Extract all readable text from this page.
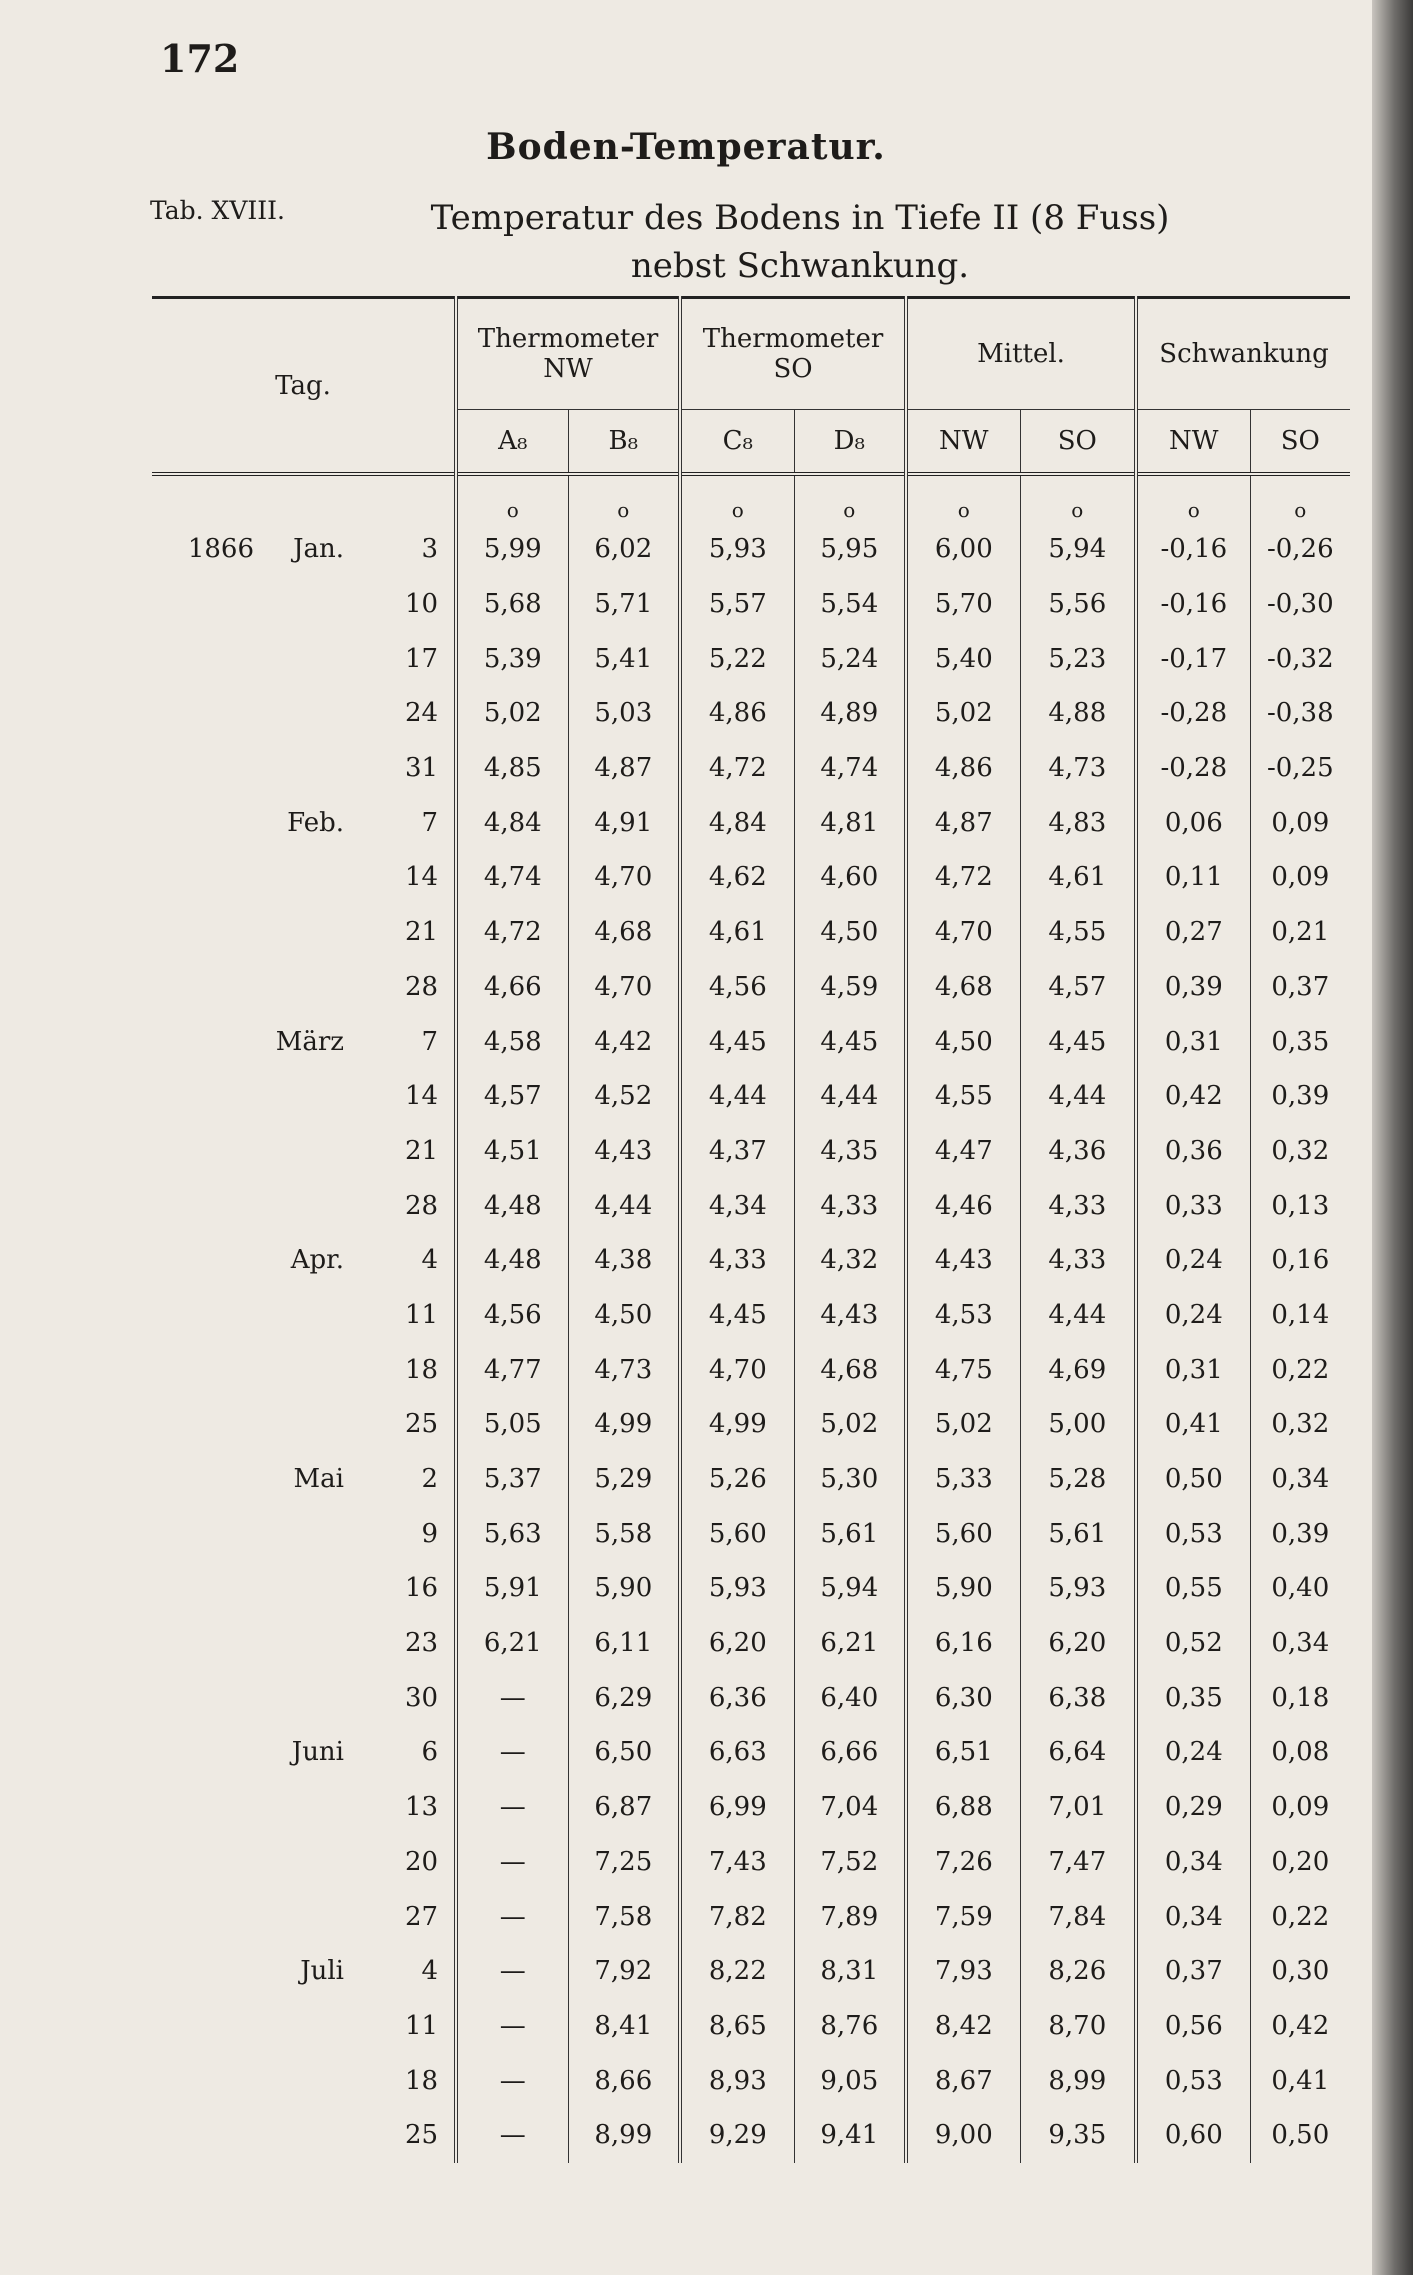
172
Boden-Temperatur.
Tab. XVIII.	Temperatur des Bodens in Tiefe II (8 Fuss)
nebst Schwankung.
Tag.			Thermometer NW		Thermometer SO		Mittel.		Schwankung	
			A₈	B₈	C₈	D₈	NW	SO	NW	SO
			o	o	o	o	o	o	o	o
1866	Jan.	3	5,99	6,02	5,93	5,95	6,00	5,94	-0,16	-0,26
		10	5,68	5,71	5,57	5,54	5,70	5,56	-0,16	-0,30
		17	5,39	5,41	5,22	5,24	5,40	5,23	-0,17	-0,32
		24	5,02	5,03	4,86	4,89	5,02	4,88	-0,28	-0,38
		31	4,85	4,87	4,72	4,74	4,86	4,73	-0,28	-0,25
	Feb.	7	4,84	4,91	4,84	4,81	4,87	4,83	0,06	0,09
		14	4,74	4,70	4,62	4,60	4,72	4,61	0,11	0,09
		21	4,72	4,68	4,61	4,50	4,70	4,55	0,27	0,21
		28	4,66	4,70	4,56	4,59	4,68	4,57	0,39	0,37
	März	7	4,58	4,42	4,45	4,45	4,50	4,45	0,31	0,35
		14	4,57	4,52	4,44	4,44	4,55	4,44	0,42	0,39
		21	4,51	4,43	4,37	4,35	4,47	4,36	0,36	0,32
		28	4,48	4,44	4,34	4,33	4,46	4,33	0,33	0,13
	Apr.	4	4,48	4,38	4,33	4,32	4,43	4,33	0,24	0,16
		11	4,56	4,50	4,45	4,43	4,53	4,44	0,24	0,14
		18	4,77	4,73	4,70	4,68	4,75	4,69	0,31	0,22
		25	5,05	4,99	4,99	5,02	5,02	5,00	0,41	0,32
	Mai	2	5,37	5,29	5,26	5,30	5,33	5,28	0,50	0,34
		9	5,63	5,58	5,60	5,61	5,60	5,61	0,53	0,39
		16	5,91	5,90	5,93	5,94	5,90	5,93	0,55	0,40
		23	6,21	6,11	6,20	6,21	6,16	6,20	0,52	0,34
		30	—	6,29	6,36	6,40	6,30	6,38	0,35	0,18
	Juni	6	—	6,50	6,63	6,66	6,51	6,64	0,24	0,08
		13	—	6,87	6,99	7,04	6,88	7,01	0,29	0,09
		20	—	7,25	7,43	7,52	7,26	7,47	0,34	0,20
		27	—	7,58	7,82	7,89	7,59	7,84	0,34	0,22
	Juli	4	—	7,92	8,22	8,31	7,93	8,26	0,37	0,30
		11	—	8,41	8,65	8,76	8,42	8,70	0,56	0,42
		18	—	8,66	8,93	9,05	8,67	8,99	0,53	0,41
		25	—	8,99	9,29	9,41	9,00	9,35	0,60	0,50
